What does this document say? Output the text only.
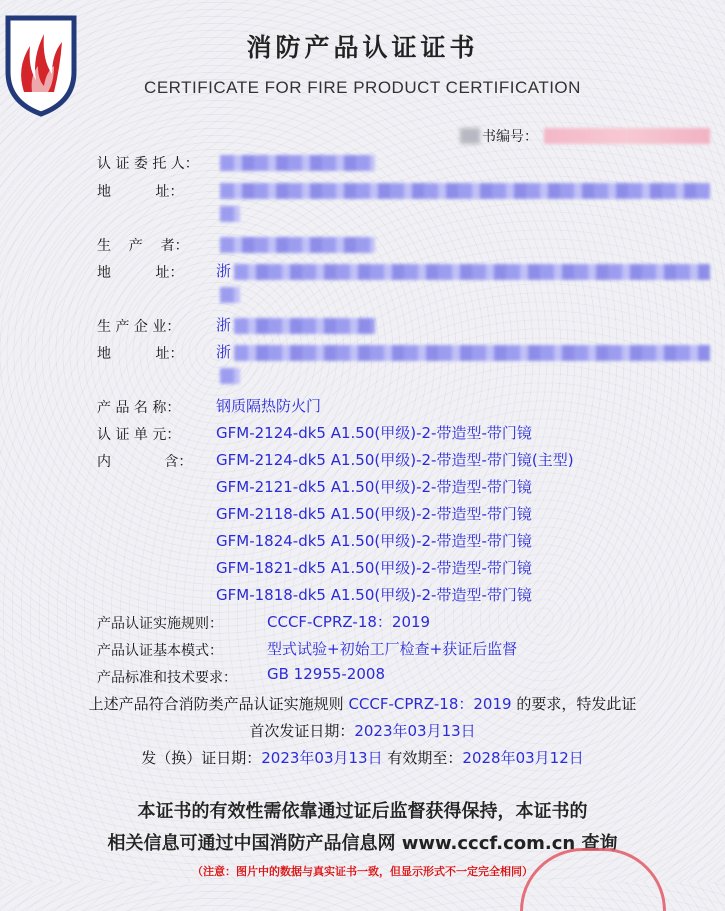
消防产品认证证书
CERTIFICATE FOR FIRE PRODUCT CERTIFICATION
书编号：
认 证 委 托 人：
地          址：
生    产    者：
地          址： 浙
生 产 企 业： 浙
地          址： 浙
产 品 名 称： 钢质隔热防火门
认 证 单 元： GFM-2124-dk5 A1.50(甲级)-2-带造型-带门镜
内            含： GFM-2124-dk5 A1.50(甲级)-2-带造型-带门镜(主型)
GFM-2121-dk5 A1.50(甲级)-2-带造型-带门镜
GFM-2118-dk5 A1.50(甲级)-2-带造型-带门镜
GFM-1824-dk5 A1.50(甲级)-2-带造型-带门镜
GFM-1821-dk5 A1.50(甲级)-2-带造型-带门镜
GFM-1818-dk5 A1.50(甲级)-2-带造型-带门镜
产品认证实施规则：	CCCF-CPRZ-18：2019
产品认证基本模式：	型式试验+初始工厂检查+获证后监督
产品标准和技术要求： GB 12955-2008
上述产品符合消防类产品认证实施规则 CCCF-CPRZ-18：2019 的要求，特发此证
首次发证日期：2023年03月13日
发（换）证日期：2023年03月13日 有效期至：2028年03月12日
本证书的有效性需依靠通过证后监督获得保持，本证书的
相关信息可通过中国消防产品信息网 www.cccf.com.cn 查询
（注意：图片中的数据与真实证书一致，但显示形式不一定完全相同）
